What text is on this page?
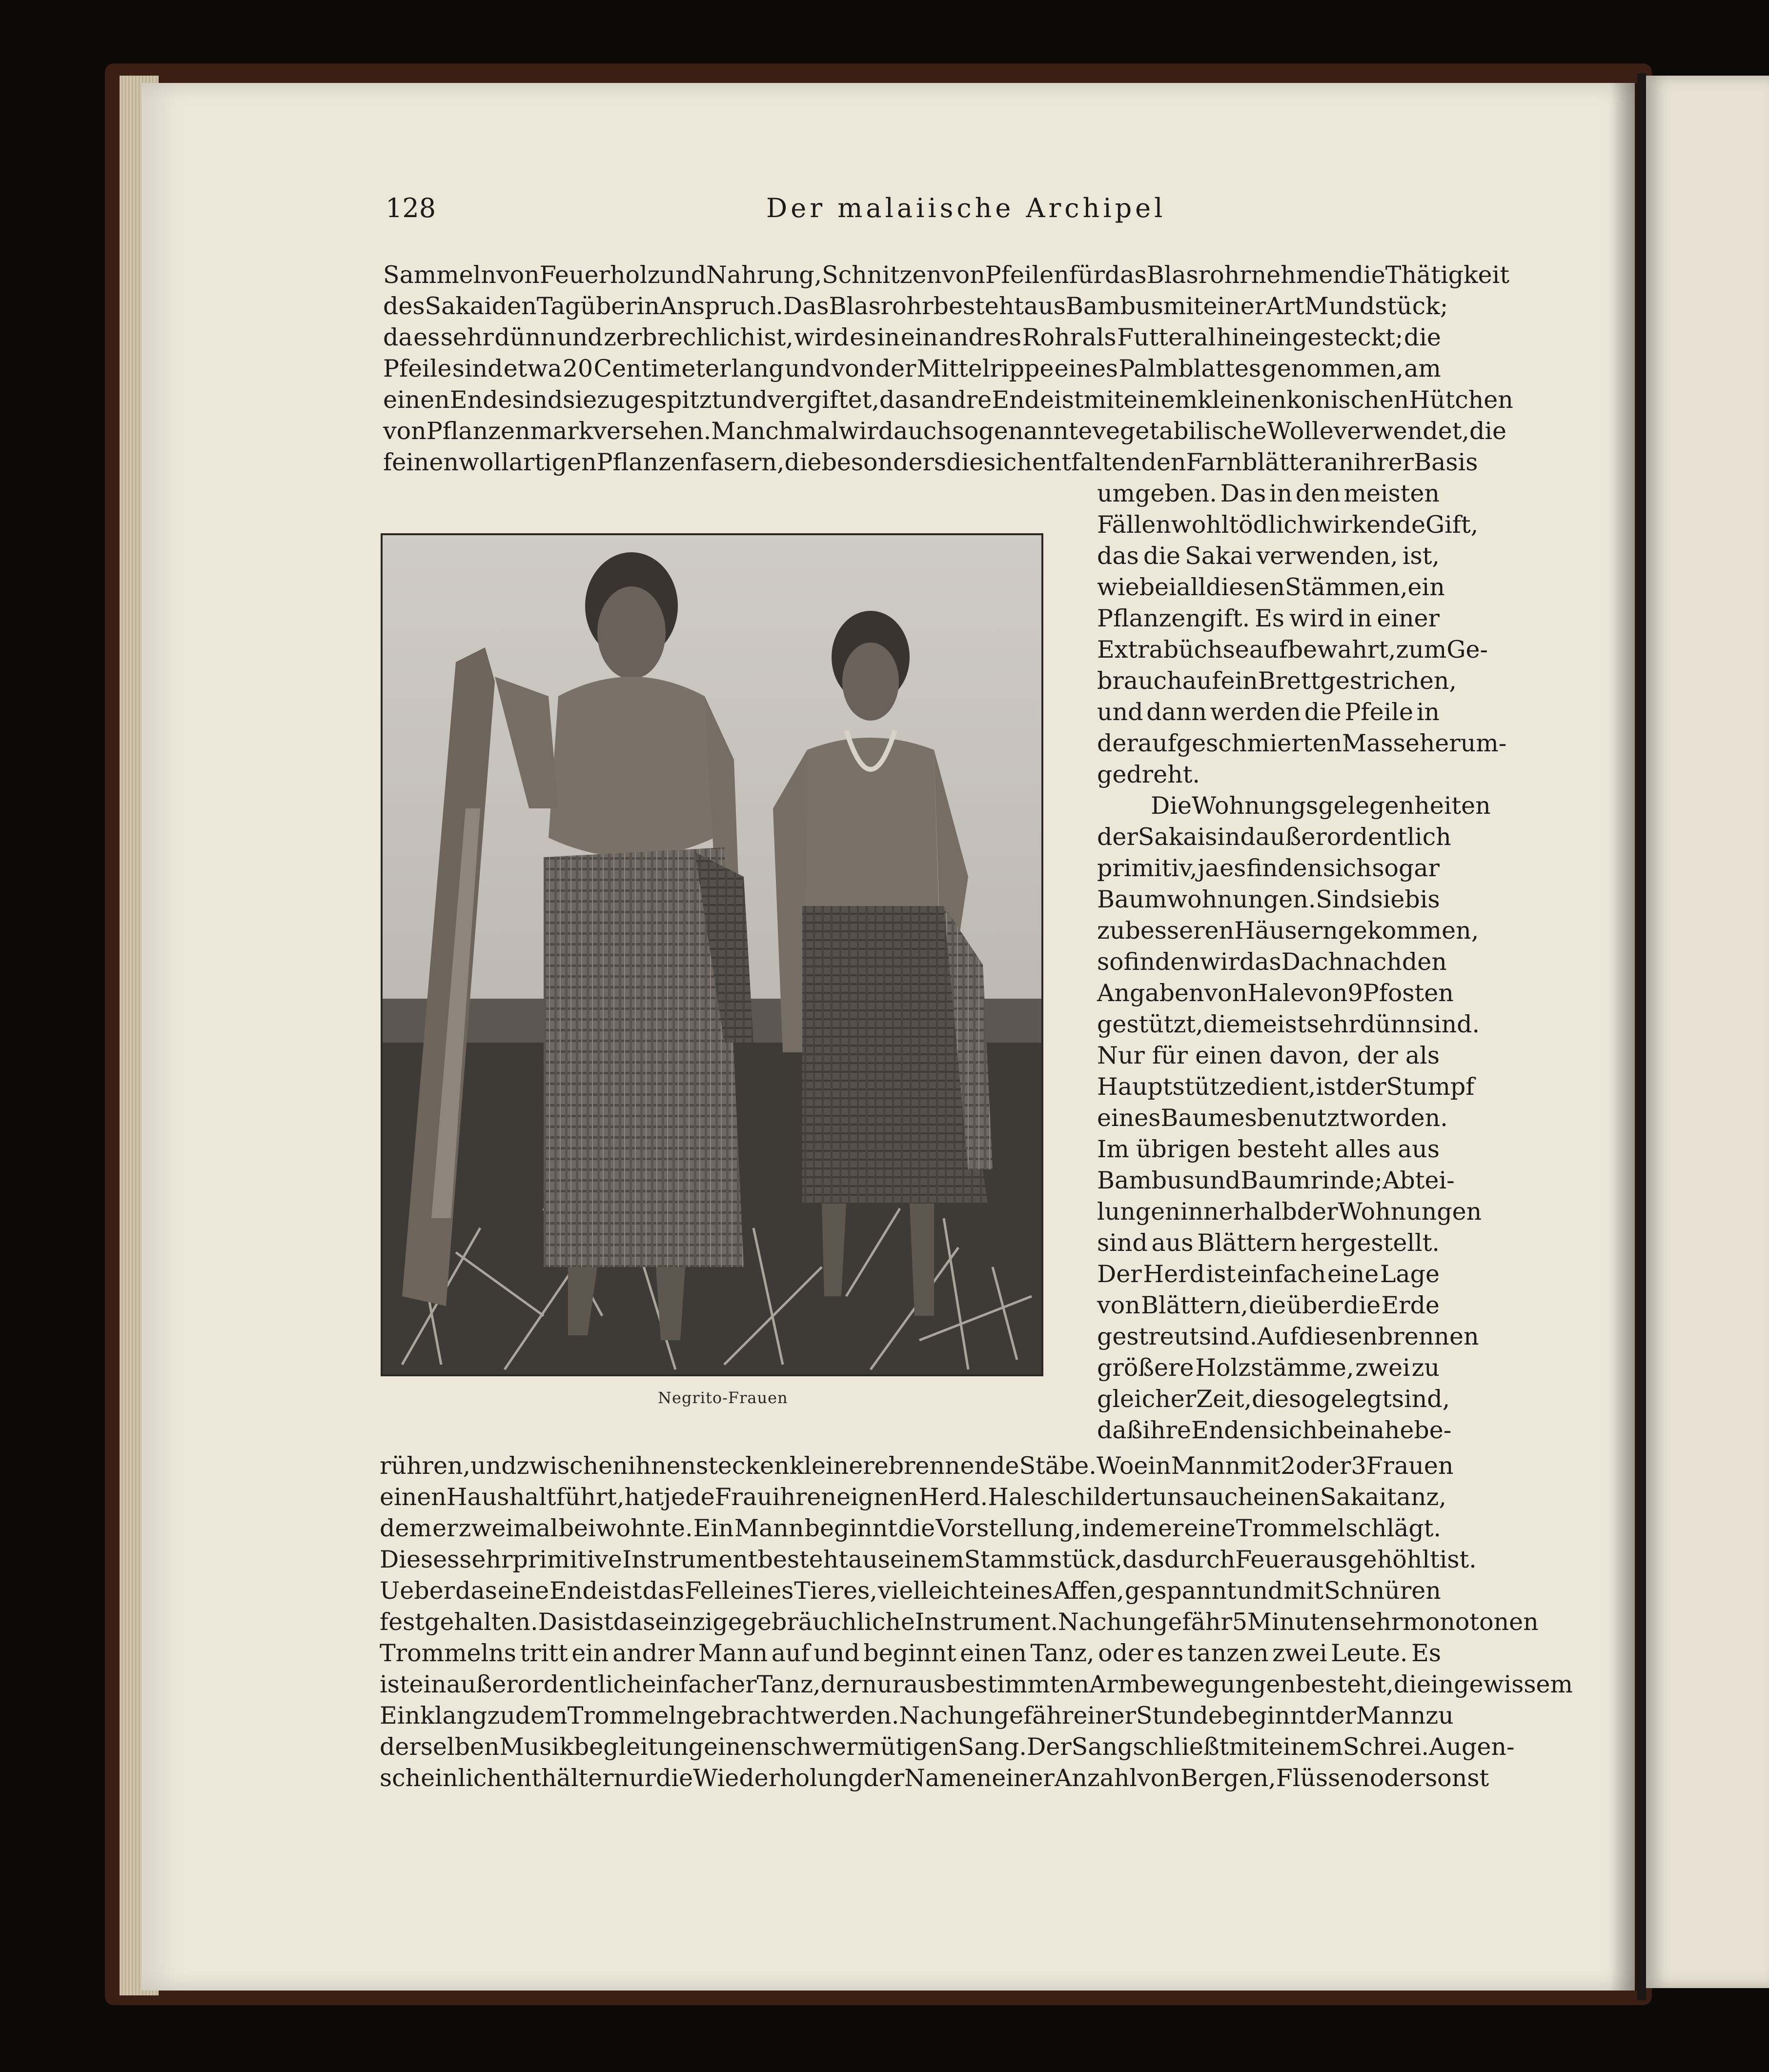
128	Der malaiische Archipel
Sammeln von Feuerholz und Nahrung, Schnitzen von Pfeilen für das Blasrohr nehmen die Thätigkeit
des Sakai den Tag über in Anspruch. Das Blasrohr besteht aus Bambus mit einer Art Mundstück;
da es sehr dünn und zerbrechlich ist, wird es in ein andres Rohr als Futteral hineingesteckt; die
Pfeile sind etwa 20 Centimeter lang und von der Mittelrippe eines Palmblattes genommen, am
einen Ende sind sie zugespitzt und vergiftet, das andre Ende ist mit einem kleinen konischen Hütchen
von Pflanzenmark versehen. Manchmal wird auch sogenannte vegetabilische Wolle verwendet, die
feinen wollartigen Pflanzenfasern, die besonders die sich entfaltenden Farnblätter an ihrer Basis
umgeben. Das in den meisten
Fällen wohl tödlich wirkende Gift,
das die Sakai verwenden, ist,
wie bei all diesen Stämmen, ein
Pflanzengift. Es wird in einer
Extrabüchse aufbewahrt, zum Ge-
brauch auf ein Brett gestrichen,
und dann werden die Pfeile in
der aufgeschmierten Masse herum-
gedreht.

Die Wohnungsgelegenheiten
der Sakai sind außerordentlich
primitiv, ja es finden sich sogar
Baumwohnungen. Sind sie bis
zu besseren Häusern gekommen,
so finden wir das Dach nach den
Angaben von Hale von 9 Pfosten
gestützt, die meist sehr dünn sind.
Nur für einen davon, der als
Hauptstütze dient, ist der Stumpf
eines Baumes benutzt worden.
Im übrigen besteht alles aus
Bambus und Baumrinde; Abtei-
lungen innerhalb der Wohnungen
sind aus Blättern hergestellt.
Der Herd ist einfach eine Lage
von Blättern, die über die Erde
gestreut sind. Auf diesen brennen
größere Holzstämme, zwei zu
gleicher Zeit, die so gelegt sind,
daß ihre Enden sich beinahe be-
rühren, und zwischen ihnen stecken kleinere brennende Stäbe. Wo ein Mann mit 2 oder 3 Frauen
einen Haushalt führt, hat jede Frau ihren eignen Herd. Hale schildert uns auch einen Sakaitanz,
dem er zweimal beiwohnte. Ein Mann beginnt die Vorstellung, indem er eine Trommel schlägt.
Dieses sehr primitive Instrument besteht aus einem Stammstück, das durch Feuer ausgehöhlt ist.
Ueber das eine Ende ist das Fell eines Tieres, vielleicht eines Affen, gespannt und mit Schnüren
festgehalten. Das ist das einzige gebräuchliche Instrument. Nach ungefähr 5 Minuten sehr monotonen
Trommelns tritt ein andrer Mann auf und beginnt einen Tanz, oder es tanzen zwei Leute. Es
ist ein außerordentlich einfacher Tanz, der nur aus bestimmten Armbewegungen besteht, die in gewissem
Einklang zu dem Trommeln gebracht werden. Nach ungefähr einer Stunde beginnt der Mann zu
derselben Musikbegleitung einen schwermütigen Sang. Der Sang schließt mit einem Schrei. Augen-
scheinlich enthält er nur die Wiederholung der Namen einer Anzahl von Bergen, Flüssen oder sonst
Negrito-Frauen
